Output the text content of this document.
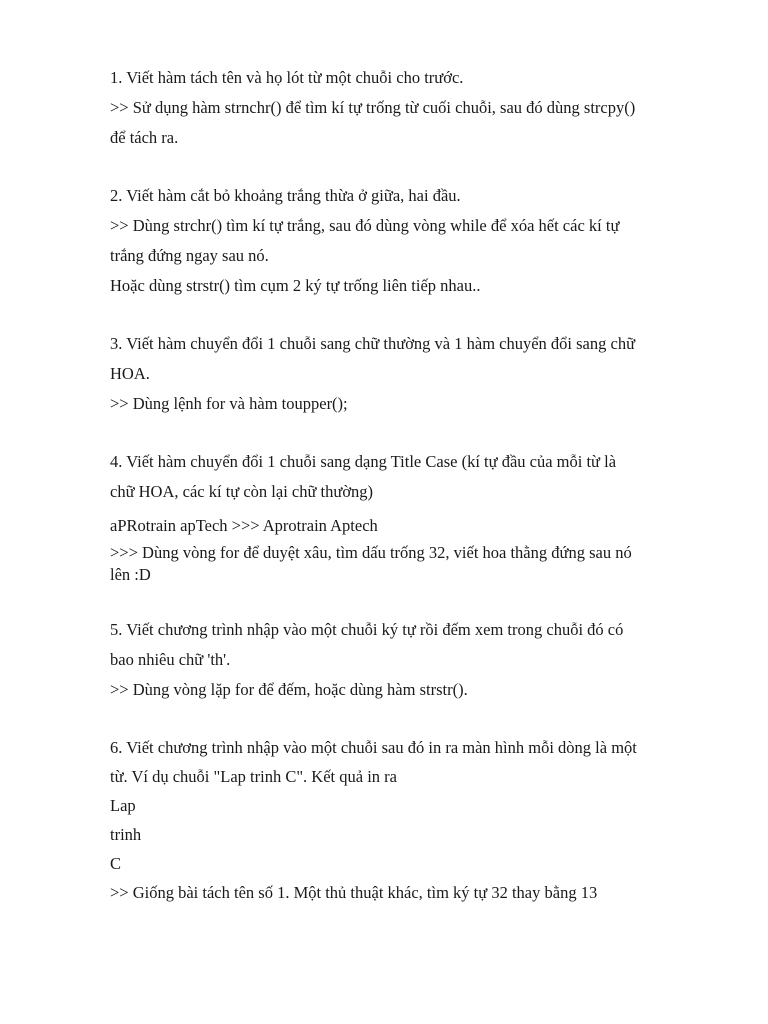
1. Viết hàm tách tên và họ lót từ một chuỗi cho trước.
>> Sử dụng hàm strnchr() để tìm kí tự trống từ cuối chuỗi, sau đó dùng strcpy()
để tách ra.
2. Viết hàm cắt bỏ khoảng trắng thừa ở giữa, hai đầu.
>> Dùng strchr() tìm kí tự trắng, sau đó dùng vòng while để xóa hết các kí tự
trắng đứng ngay sau nó.
Hoặc dùng strstr() tìm cụm 2 ký tự trống liên tiếp nhau..
3. Viết hàm chuyển đổi 1 chuỗi sang chữ thường và 1 hàm chuyển đổi sang chữ
HOA.
>> Dùng lệnh for và hàm toupper();
4. Viết hàm chuyển đổi 1 chuỗi sang dạng Title Case (kí tự đầu của mỗi từ là
chữ HOA, các kí tự còn lại chữ thường)
aPRotrain apTech >>> Aprotrain Aptech
>>> Dùng vòng for để duyệt xâu, tìm dấu trống 32, viết hoa thằng đứng sau nó
lên :D
5. Viết chương trình nhập vào một chuỗi ký tự rồi đếm xem trong chuỗi đó có
bao nhiêu chữ 'th'.
>> Dùng vòng lặp for để đếm, hoặc dùng hàm strstr().
6. Viết chương trình nhập vào một chuỗi sau đó in ra màn hình mỗi dòng là một
từ. Ví dụ chuỗi "Lap trinh C". Kết quả in ra
Lap
trinh
C
>> Giống bài tách tên số 1. Một thủ thuật khác, tìm ký tự 32 thay bằng 13
